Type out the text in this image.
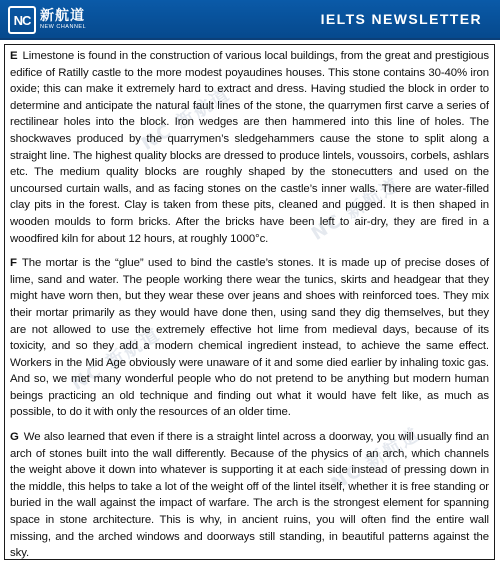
NC 新航道
NEW CHANNEL
IELTS NEWSLETTER
NC 新航道
NC 新航道
NC 新航道
NC 新航道

E Limestone is found in the construction of various local buildings, from the great and prestigious edifice of Ratilly castle to the more modest poyaudines houses. This stone contains 30-40% iron oxide; this can make it extremely hard to extract and dress. Having studied the block in order to determine and anticipate the natural fault lines of the stone, the quarrymen first carve a series of rectilinear holes into the block. Iron wedges are then hammered into this line of holes. The shockwaves produced by the quarrymen’s sledgehammers cause the stone to split along a straight line. The highest quality blocks are dressed to produce lintels, voussoirs, corbels, ashlars etc. The medium quality blocks are roughly shaped by the stonecutters and used on the uncoursed curtain walls, and as facing stones on the castle’s inner walls. There are water-filled clay pits in the forest. Clay is taken from these pits, cleaned and pugged. It is then shaped in wooden moulds to form bricks. After the bricks have been left to air-dry, they are fired in a woodfired kiln for about 12 hours, at roughly 1000°c.

F The mortar is the “glue” used to bind the castle’s stones. It is made up of precise doses of lime, sand and water. The people working there wear the tunics, skirts and headgear that they might have worn then, but they wear these over jeans and shoes with reinforced toes. They mix their mortar primarily as they would have done then, using sand they dig themselves, but they are not allowed to use the extremely effective hot lime from medieval days, because of its toxicity, and so they add a modern chemical ingredient instead, to achieve the same effect. Workers in the Mid Age obviously were unaware of it and some died earlier by inhaling toxic gas. And so, we met many wonderful people who do not pretend to be anything but modern human beings practicing an old technique and finding out what it would have felt like, as much as possible, to do it with only the resources of an older time.

G We also learned that even if there is a straight lintel across a doorway, you will usually find an arch of stones built into the wall differently. Because of the physics of an arch, which channels the weight above it down into whatever is supporting it at each side instead of pressing down in the middle, this helps to take a lot of the weight off of the lintel itself, whether it is free standing or buried in the wall against the impact of warfare. The arch is the strongest element for spanning space in stone architecture. This is why, in ancient ruins, you will often find the entire wall missing, and the arched windows and doorways still standing, in beautiful patterns against the sky.
